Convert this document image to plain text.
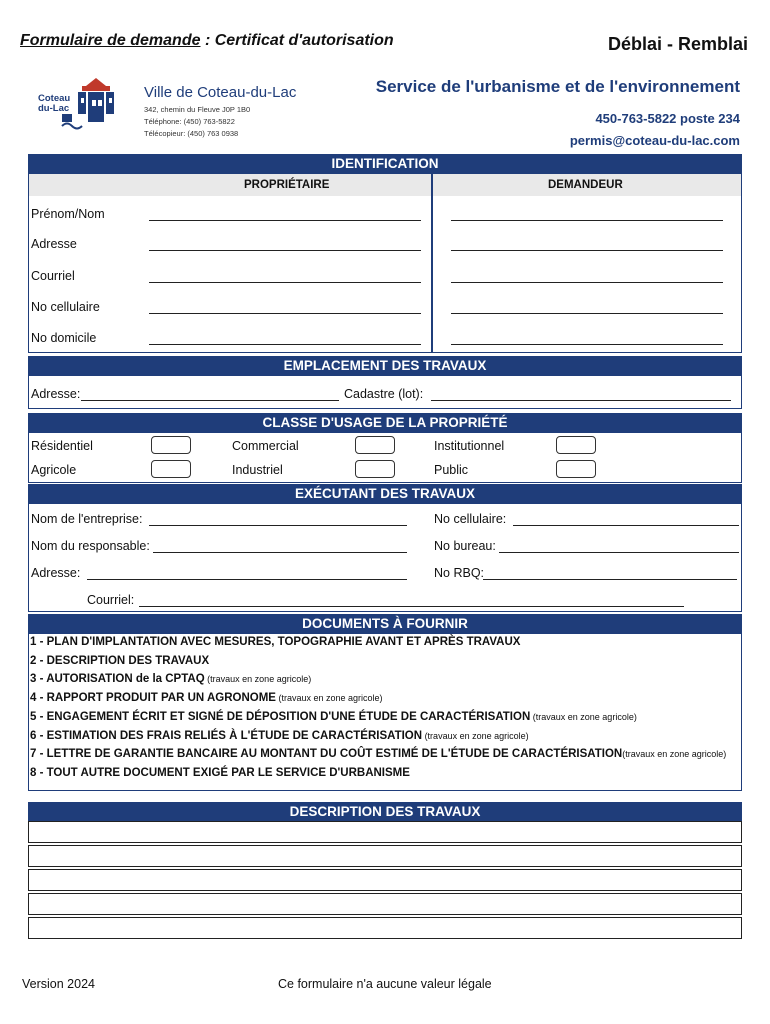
Formulaire de demande : Certificat d'autorisation	Déblai - Remblai
Coteau
du-Lac
Ville de Coteau-du-Lac
342, chemin du Fleuve J0P 1B0
Téléphone: (450) 763-5822
Télécopieur: (450) 763 0938
Service de l'urbanisme et de l'environnement
450-763-5822 poste 234
permis@coteau-du-lac.com
IDENTIFICATION
PROPRIÉTAIRE	DEMANDEUR
Prénom/Nom
Adresse
Courriel
No cellulaire
No domicile
EMPLACEMENT DES TRAVAUX
Adresse:	Cadastre (lot):
CLASSE D'USAGE DE LA PROPRIÉTÉ
Résidentiel	Commercial	Institutionnel
Agricole	Industriel	Public
EXÉCUTANT DES TRAVAUX
Nom de l'entreprise:	No cellulaire:
Nom du responsable:	No bureau:
Adresse:	No RBQ:
Courriel:
DOCUMENTS À FOURNIR
1 - PLAN D'IMPLANTATION AVEC MESURES, TOPOGRAPHIE AVANT ET APRÈS TRAVAUX
2 - DESCRIPTION DES TRAVAUX
3 - AUTORISATION de la CPTAQ (travaux en zone agricole)
4 - RAPPORT PRODUIT PAR UN AGRONOME (travaux en zone agricole)
5 - ENGAGEMENT ÉCRIT ET SIGNÉ DE DÉPOSITION D'UNE ÉTUDE DE CARACTÉRISATION (travaux en zone agricole)
6 - ESTIMATION DES FRAIS RELIÉS À L'ÉTUDE DE CARACTÉRISATION (travaux en zone agricole)
7 - LETTRE DE GARANTIE BANCAIRE AU MONTANT DU COÛT ESTIMÉ DE L'ÉTUDE DE CARACTÉRISATION(travaux en zone agricole)
8 - TOUT AUTRE DOCUMENT EXIGÉ PAR LE SERVICE D'URBANISME
DESCRIPTION DES TRAVAUX
Version 2024	Ce formulaire n'a aucune valeur légale
